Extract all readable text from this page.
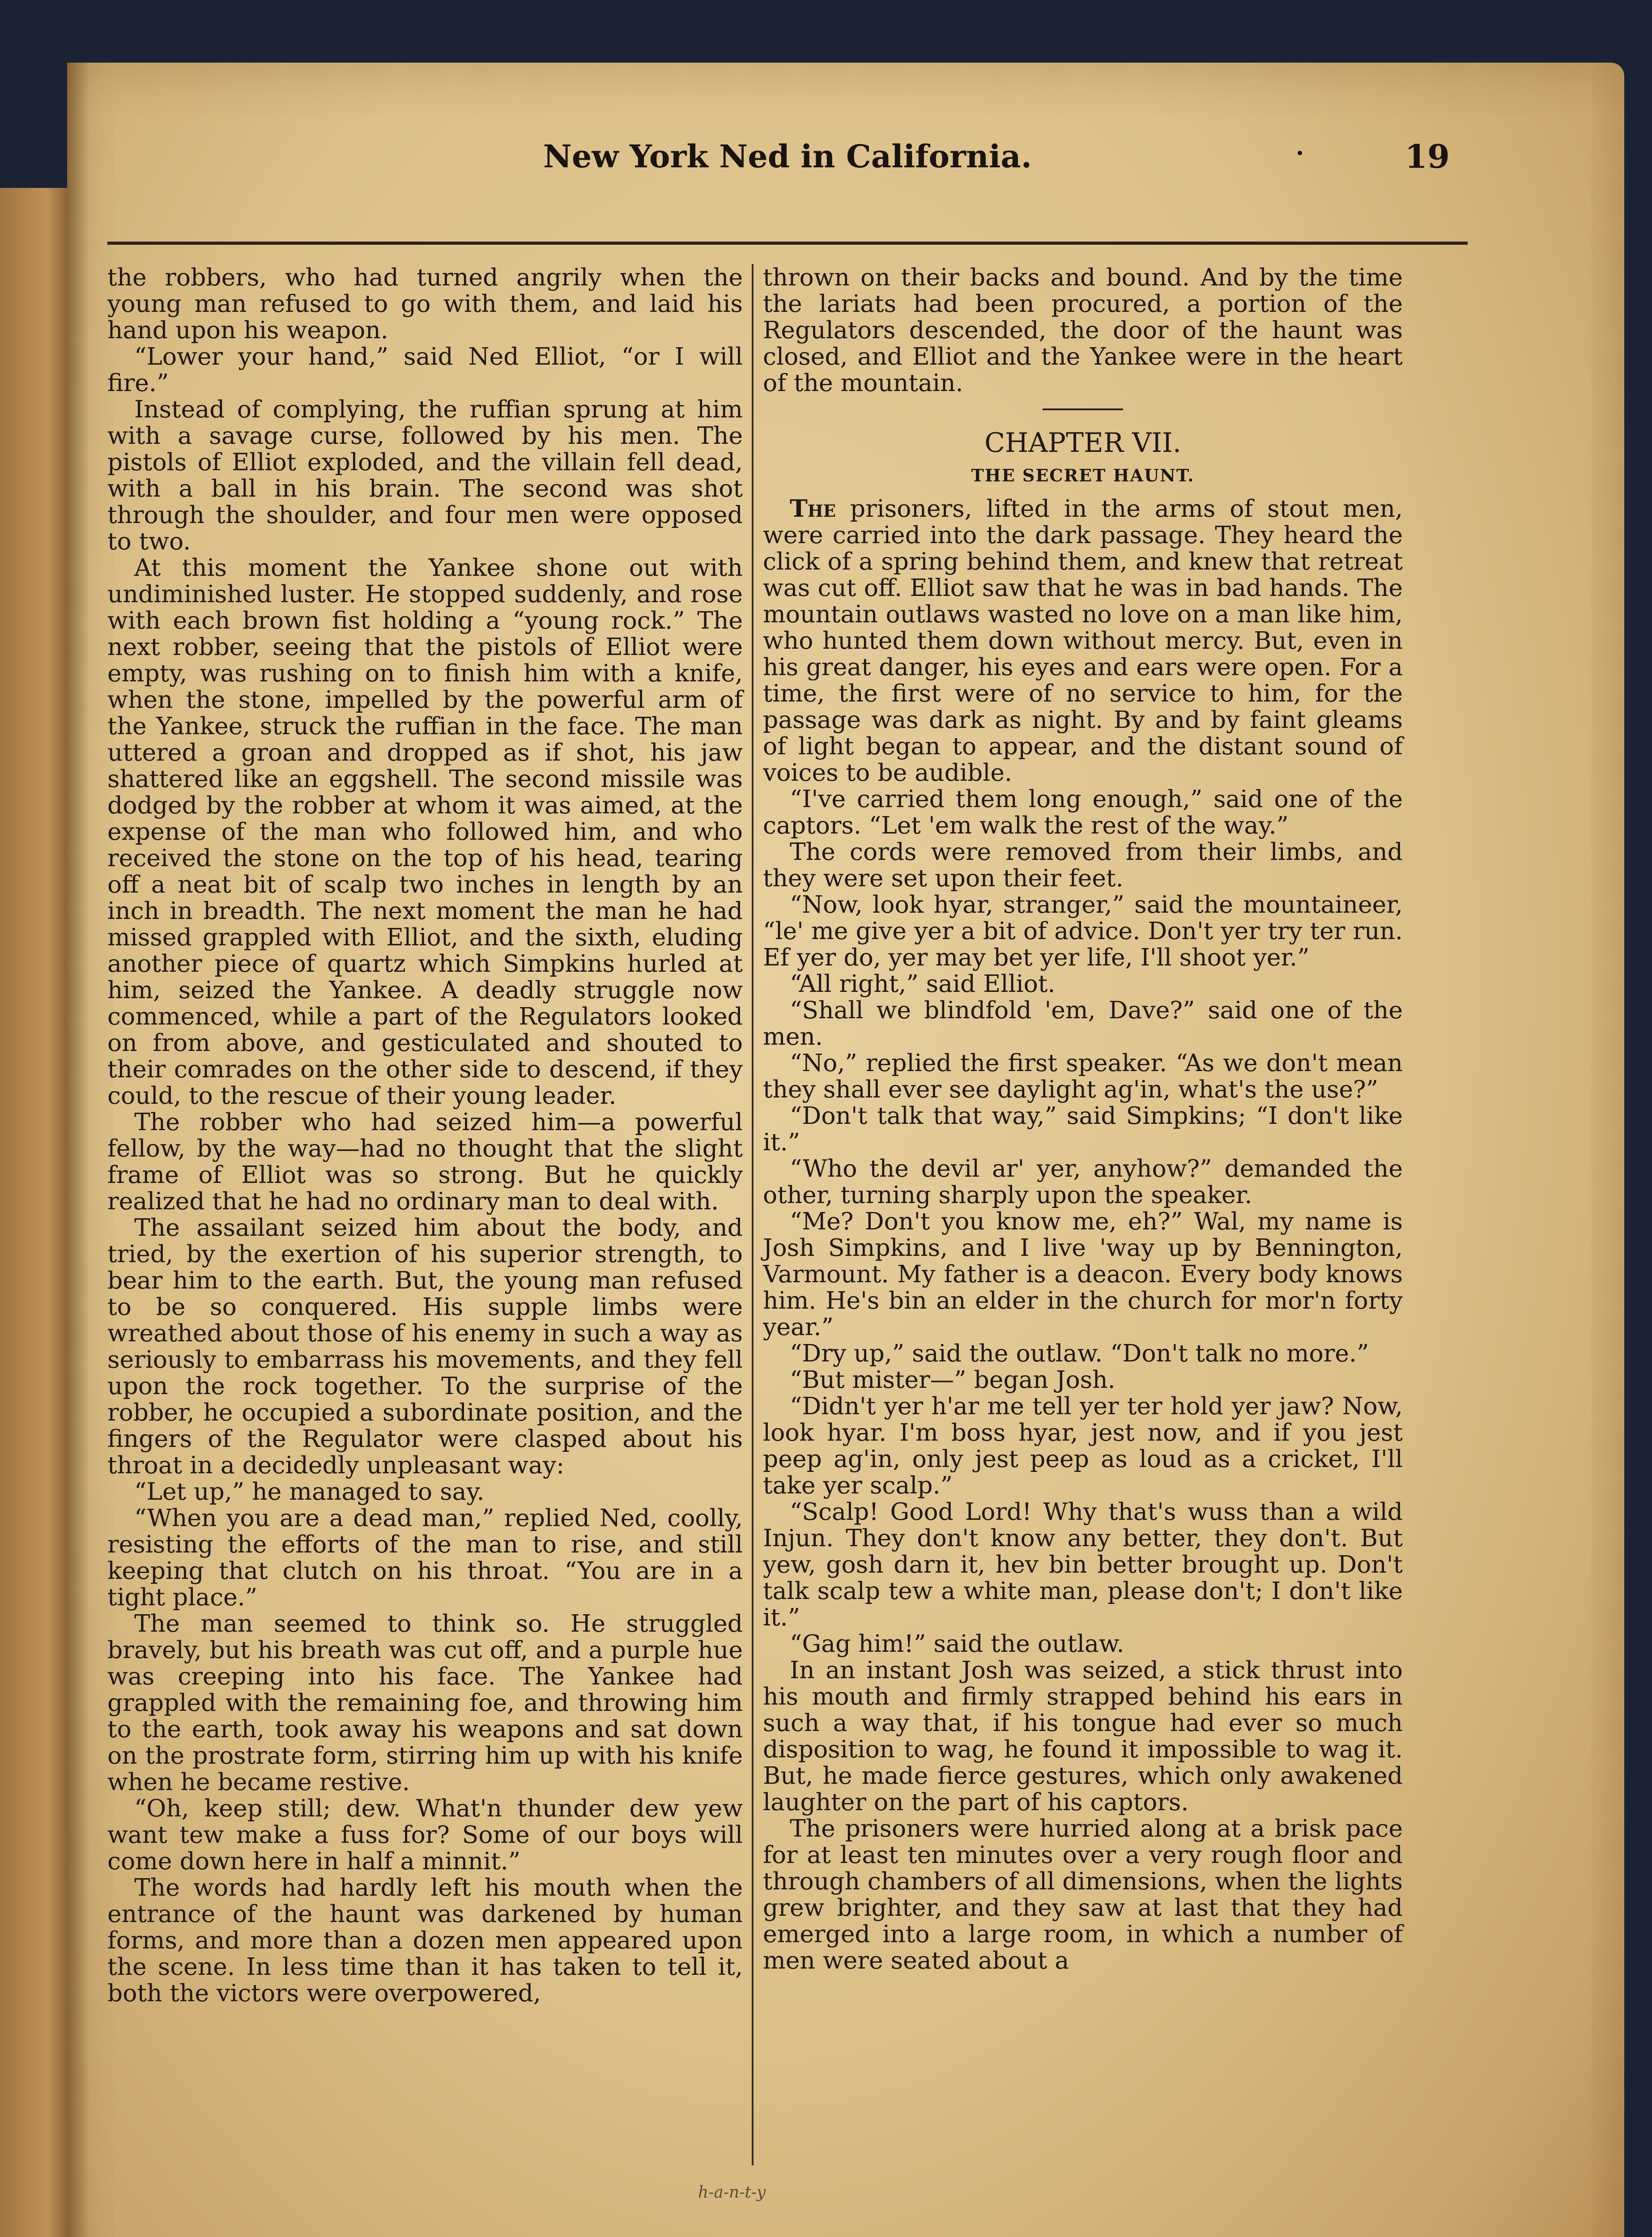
New York Ned in California.	19

the robbers, who had turned angrily when the young man refused to go with them, and laid his hand upon his weapon.

“Lower your hand,” said Ned Elliot, “or I will fire.”

Instead of complying, the ruffian sprung at him with a savage curse, followed by his men. The pistols of Elliot exploded, and the villain fell dead, with a ball in his brain. The second was shot through the shoulder, and four men were opposed to two.

At this moment the Yankee shone out with undiminished luster. He stopped suddenly, and rose with each brown fist holding a “young rock.” The next robber, seeing that the pistols of Elliot were empty, was rushing on to finish him with a knife, when the stone, impelled by the powerful arm of the Yankee, struck the ruffian in the face. The man uttered a groan and dropped as if shot, his jaw shattered like an eggshell. The second missile was dodged by the robber at whom it was aimed, at the expense of the man who followed him, and who received the stone on the top of his head, tearing off a neat bit of scalp two inches in length by an inch in breadth. The next moment the man he had missed grappled with Elliot, and the sixth, eluding another piece of quartz which Simpkins hurled at him, seized the Yankee. A deadly struggle now commenced, while a part of the Regulators looked on from above, and gesticulated and shouted to their comrades on the other side to descend, if they could, to the rescue of their young leader.

The robber who had seized him—a powerful fellow, by the way—had no thought that the slight frame of Elliot was so strong. But he quickly realized that he had no ordinary man to deal with.

The assailant seized him about the body, and tried, by the exertion of his superior strength, to bear him to the earth. But, the young man refused to be so conquered. His supple limbs were wreathed about those of his enemy in such a way as seriously to embarrass his movements, and they fell upon the rock together. To the surprise of the robber, he occupied a subordinate position, and the fingers of the Regulator were clasped about his throat in a decidedly unpleasant way:

“Let up,” he managed to say.

“When you are a dead man,” replied Ned, coolly, resisting the efforts of the man to rise, and still keeping that clutch on his throat. “You are in a tight place.”

The man seemed to think so. He struggled bravely, but his breath was cut off, and a purple hue was creeping into his face. The Yankee had grappled with the remaining foe, and throwing him to the earth, took away his weapons and sat down on the prostrate form, stirring him up with his knife when he became restive.

“Oh, keep still; dew. What'n thunder dew yew want tew make a fuss for? Some of our boys will come down here in half a minnit.”

The words had hardly left his mouth when the entrance of the haunt was darkened by human forms, and more than a dozen men appeared upon the scene. In less time than it has taken to tell it, both the victors were overpowered,

thrown on their backs and bound. And by the time the lariats had been procured, a portion of the Regulators descended, the door of the haunt was closed, and Elliot and the Yankee were in the heart of the mountain.

CHAPTER VII.
THE SECRET HAUNT.

The prisoners, lifted in the arms of stout men, were carried into the dark passage. They heard the click of a spring behind them, and knew that retreat was cut off. Elliot saw that he was in bad hands. The mountain outlaws wasted no love on a man like him, who hunted them down without mercy. But, even in his great danger, his eyes and ears were open. For a time, the first were of no service to him, for the passage was dark as night. By and by faint gleams of light began to appear, and the distant sound of voices to be audible.

“I've carried them long enough,” said one of the captors. “Let 'em walk the rest of the way.”

The cords were removed from their limbs, and they were set upon their feet.

“Now, look hyar, stranger,” said the mountaineer, “le' me give yer a bit of advice. Don't yer try ter run. Ef yer do, yer may bet yer life, I'll shoot yer.”

“All right,” said Elliot.

“Shall we blindfold 'em, Dave?” said one of the men.

“No,” replied the first speaker. “As we don't mean they shall ever see daylight ag'in, what's the use?”

“Don't talk that way,” said Simpkins; “I don't like it.”

“Who the devil ar' yer, anyhow?” demanded the other, turning sharply upon the speaker.

“Me? Don't you know me, eh?” Wal, my name is Josh Simpkins, and I live 'way up by Bennington, Varmount. My father is a deacon. Every body knows him. He's bin an elder in the church for mor'n forty year.”

“Dry up,” said the outlaw. “Don't talk no more.”

“But mister—” began Josh.

“Didn't yer h'ar me tell yer ter hold yer jaw? Now, look hyar. I'm boss hyar, jest now, and if you jest peep ag'in, only jest peep as loud as a cricket, I'll take yer scalp.”

“Scalp! Good Lord! Why that's wuss than a wild Injun. They don't know any better, they don't. But yew, gosh darn it, hev bin better brought up. Don't talk scalp tew a white man, please don't; I don't like it.”

“Gag him!” said the outlaw.

In an instant Josh was seized, a stick thrust into his mouth and firmly strapped behind his ears in such a way that, if his tongue had ever so much disposition to wag, he found it impossible to wag it. But, he made fierce gestures, which only awakened laughter on the part of his captors.

The prisoners were hurried along at a brisk pace for at least ten minutes over a very rough floor and through chambers of all dimensions, when the lights grew brighter, and they saw at last that they had emerged into a large room, in which a number of men were seated about a

h-a-n-t-y
